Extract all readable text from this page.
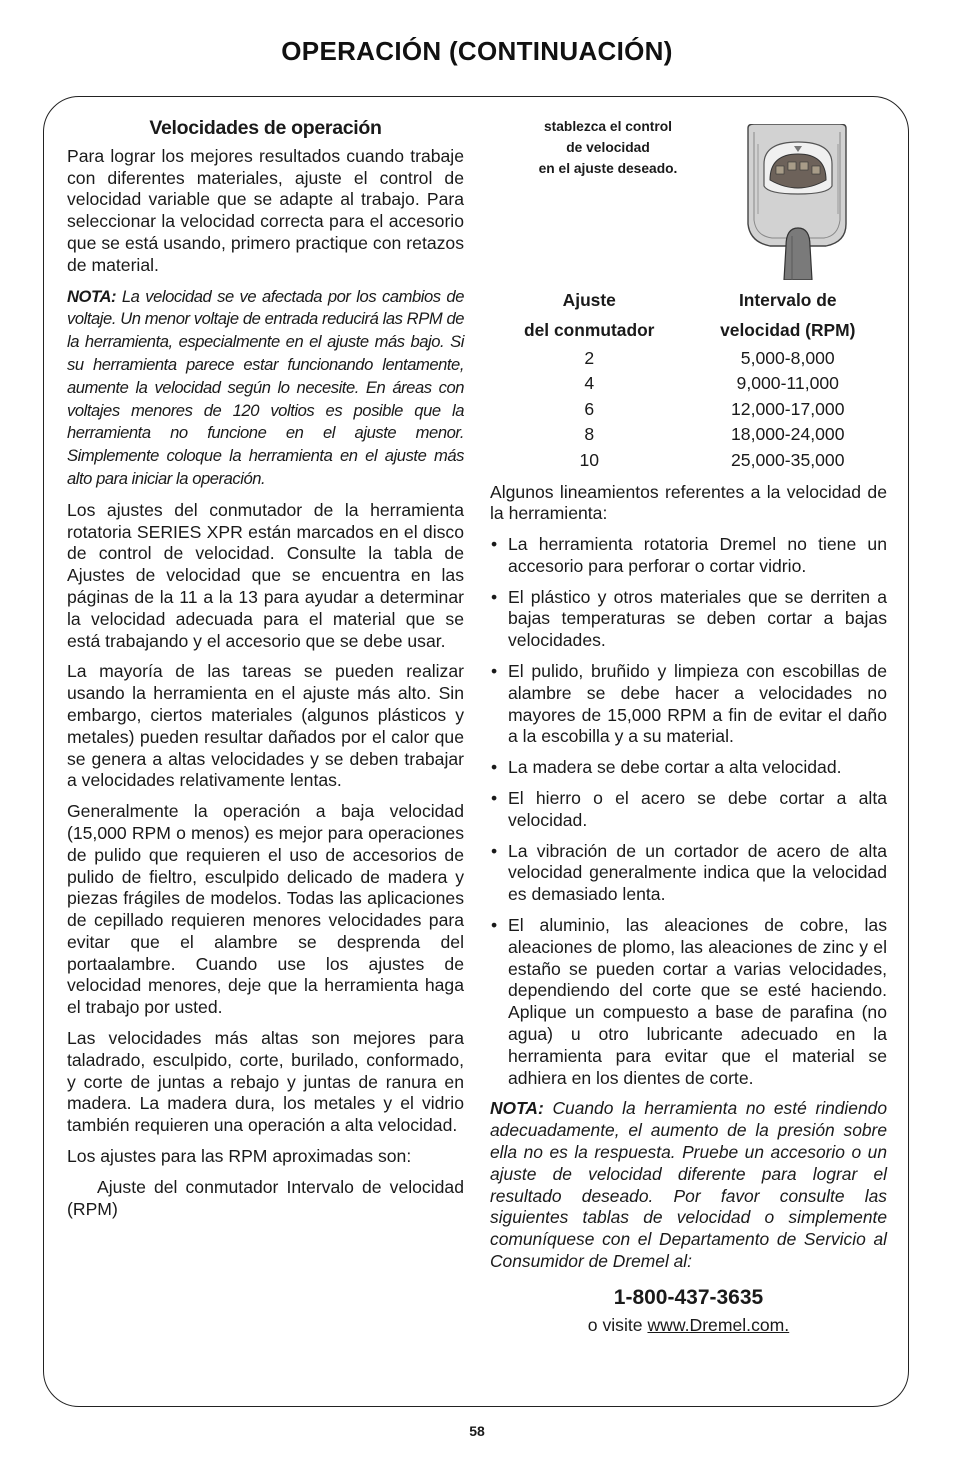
OPERACIÓN (CONTINUACIÓN)
Velocidades de operación

Para lograr los mejores resultados cuando trabaje con diferentes materiales, ajuste el control de velocidad variable que se adapte al trabajo. Para seleccionar la velocidad correcta para el accesorio que se está usando, primero practique con retazos de material.

NOTA: La velocidad se ve afectada por los cambios de voltaje. Un menor voltaje de entrada reducirá las RPM de la herramienta, especialmente en el ajuste más bajo. Si su herramienta parece estar funcionando lentamente, aumente la velocidad según lo necesite. En áreas con voltajes menores de 120 voltios es posible que la herramienta no funcione en el ajuste menor. Simplemente coloque la herramienta en el ajuste más alto para iniciar la operación.

Los ajustes del conmutador de la herramienta rotatoria SERIES XPR están marcados en el disco de control de velocidad. Consulte la tabla de Ajustes de velocidad que se encuentra en las páginas de la 11 a la 13 para ayudar a determinar la velocidad adecuada para el material que se está trabajando y el accesorio que se debe usar.

La mayoría de las tareas se pueden realizar usando la herramienta en el ajuste más alto. Sin embargo, ciertos materiales (algunos plásticos y metales) pueden resultar dañados por el calor que se genera a altas velocidades y se deben trabajar a velocidades relativamente lentas.

Generalmente la operación a baja velocidad (15,000 RPM o menos) es mejor para operaciones de pulido que requieren el uso de accesorios de pulido de fieltro, esculpido delicado de madera y piezas frágiles de modelos. Todas las aplicaciones de cepillado requieren menores velocidades para evitar que el alambre se desprenda del portaalambre. Cuando use los ajustes de velocidad menores, deje que la herramienta haga el trabajo por usted.

Las velocidades más altas son mejores para taladrado, esculpido, corte, burilado, conformado, y corte de juntas a rebajo y juntas de ranura en madera. La madera dura, los metales y el vidrio también requieren una operación a alta velocidad.

Los ajustes para las RPM aproximadas son:

Ajuste del conmutador Intervalo de velocidad (RPM)

stablezca el control
de velocidad
en el ajuste deseado.
Ajuste	Intervalo de
del conmutador	velocidad (RPM)
2	5,000-8,000
4	9,000-11,000
6	12,000-17,000
8	18,000-24,000
10	25,000-35,000

Algunos lineamientos referentes a la velocidad de la herramienta:

• La herramienta rotatoria Dremel no tiene un accesorio para perforar o cortar vidrio.
• El plástico y otros materiales que se derriten a bajas temperaturas se deben cortar a bajas velocidades.
• El pulido, bruñido y limpieza con escobillas de alambre se debe hacer a velocidades no mayores de 15,000 RPM a fin de evitar el daño a la escobilla y a su material.
• La madera se debe cortar a alta velocidad.
• El hierro o el acero se debe cortar a alta velocidad.
• La vibración de un cortador de acero de alta velocidad generalmente indica que la velocidad es demasiado lenta.
• El aluminio, las aleaciones de cobre, las aleaciones de plomo, las aleaciones de zinc y el estaño se pueden cortar a varias velocidades, dependiendo del corte que se esté haciendo. Aplique un compuesto a base de parafina (no agua) u otro lubricante adecuado en la herramienta para evitar que el material se adhiera en los dientes de corte.

NOTA: Cuando la herramienta no esté rindiendo adecuadamente, el aumento de la presión sobre ella no es la respuesta. Pruebe un accesorio o un ajuste de velocidad diferente para lograr el resultado deseado. Por favor consulte las siguientes tablas de velocidad o simplemente comuníquese con el Departamento de Servicio al Consumidor de Dremel al:

1-800-437-3635
o visite www.Dremel.com.
58
